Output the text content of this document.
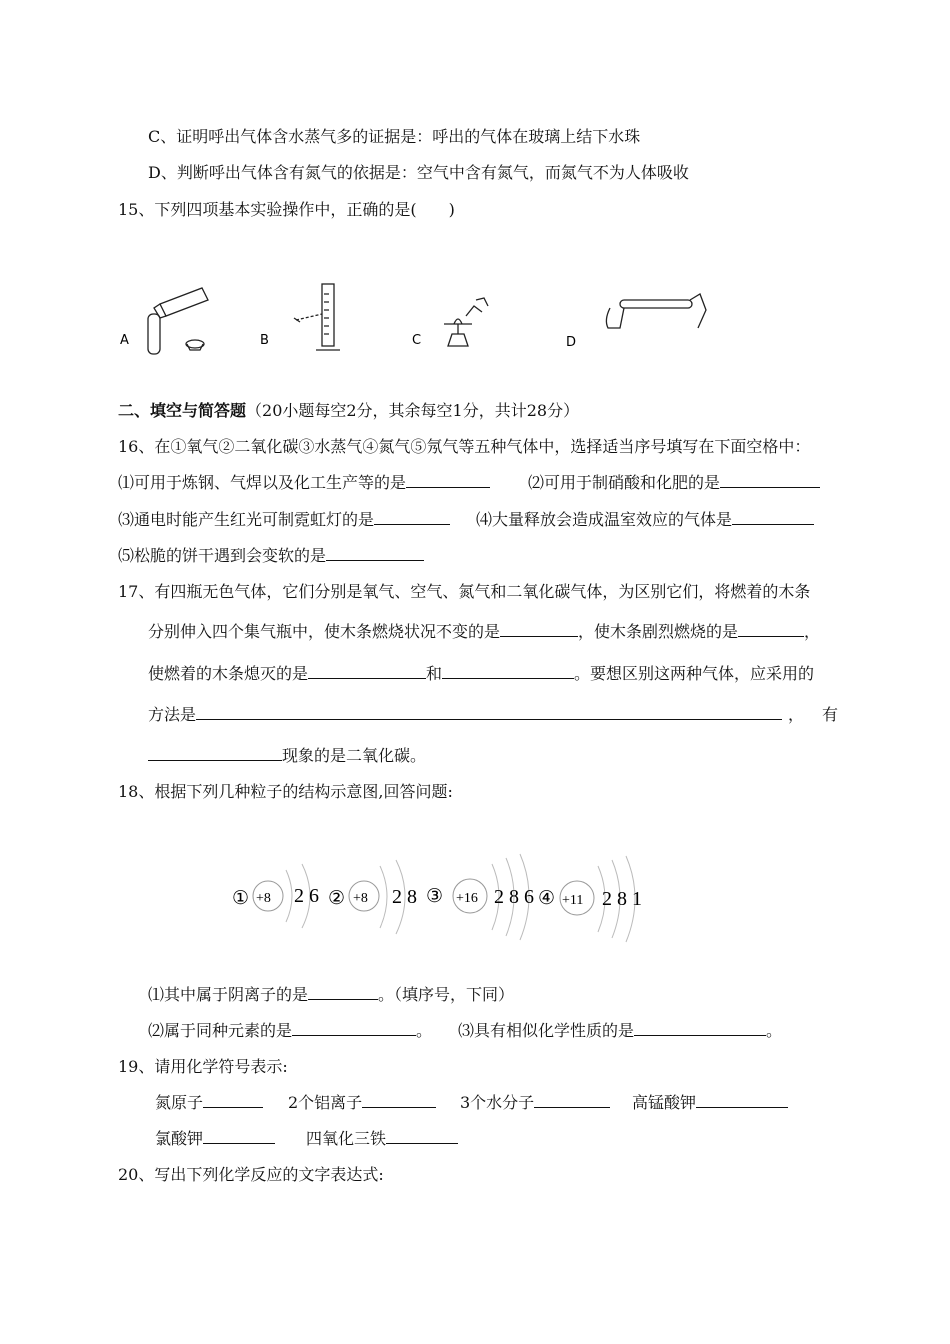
C、证明呼出气体含水蒸气多的证据是：呼出的气体在玻璃上结下水珠
D、判断呼出气体含有氮气的依据是：空气中含有氮气，而氮气不为人体吸收
15、下列四项基本实验操作中，正确的是(　　)
A	B	C	D
二、填空与简答题（20小题每空2分，其余每空1分，共计28分）
16、在①氧气②二氧化碳③水蒸气④氮气⑤氖气等五种气体中，选择适当序号填写在下面空格中：
⑴可用于炼钢、气焊以及化工生产等的是	⑵可用于制硝酸和化肥的是
⑶通电时能产生红光可制霓虹灯的是	⑷大量释放会造成温室效应的气体是
⑸松脆的饼干遇到会变软的是
17、有四瓶无色气体，它们分别是氧气、空气、氮气和二氧化碳气体，为区别它们，将燃着的木条
分别伸入四个集气瓶中，使木条燃烧状况不变的是	，使木条剧烈燃烧的是	，
使燃着的木条熄灭的是	和	。要想区别这两种气体，应采用的
方法是	， 有
现象的是二氧化碳。
18、根据下列几种粒子的结构示意图,回答问题:
① +8 2 6 ② +8 2 8 ③ +16 2 8 6 ④ +11 2 8 1
⑴其中属于阴离子的是	。（填序号，下同）
⑵属于同种元素的是	。 ⑶具有相似化学性质的是	。
19、请用化学符号表示:
氮原子	2个铝离子	3个水分子	高锰酸钾
氯酸钾	四氧化三铁
20、写出下列化学反应的文字表达式:
